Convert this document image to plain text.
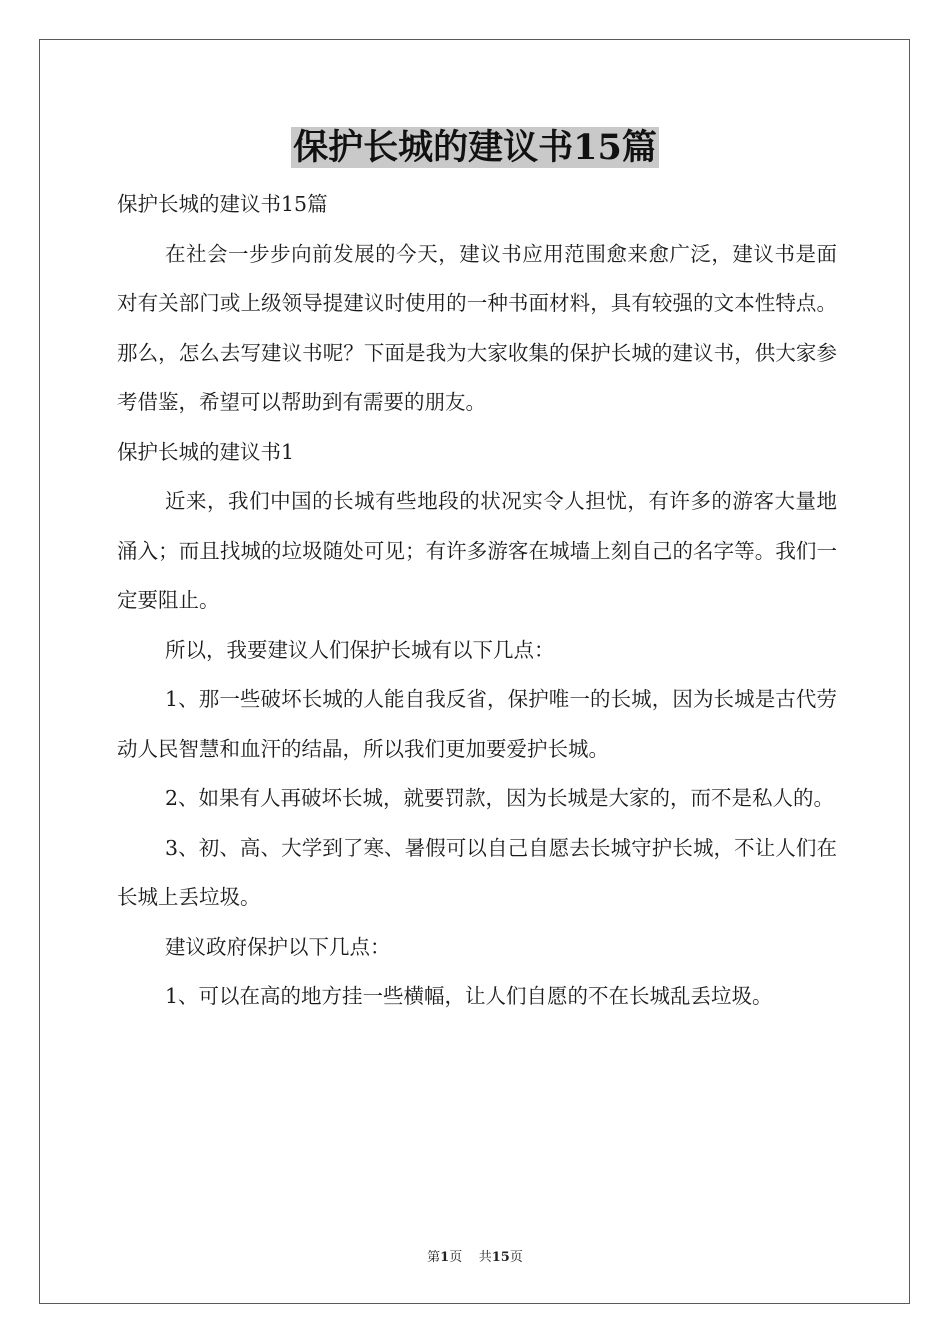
保护长城的建议书15篇

保护长城的建议书15篇

在社会一步步向前发展的今天，建议书应用范围愈来愈广泛，建议书是面对有关部门或上级领导提建议时使用的一种书面材料，具有较强的文本性特点。那么，怎么去写建议书呢？下面是我为大家收集的保护长城的建议书，供大家参考借鉴，希望可以帮助到有需要的朋友。

保护长城的建议书1

近来，我们中国的长城有些地段的状况实令人担忧，有许多的游客大量地涌入；而且找城的垃圾随处可见；有许多游客在城墙上刻自己的名字等。我们一定要阻止。

所以，我要建议人们保护长城有以下几点：

1、那一些破坏长城的人能自我反省，保护唯一的长城，因为长城是古代劳动人民智慧和血汗的结晶，所以我们更加要爱护长城。

2、如果有人再破坏长城，就要罚款，因为长城是大家的，而不是私人的。

3、初、高、大学到了寒、暑假可以自己自愿去长城守护长城，不让人们在长城上丢垃圾。

建议政府保护以下几点：

1、可以在高的地方挂一些横幅，让人们自愿的不在长城乱丢垃圾。

第1页 共15页
